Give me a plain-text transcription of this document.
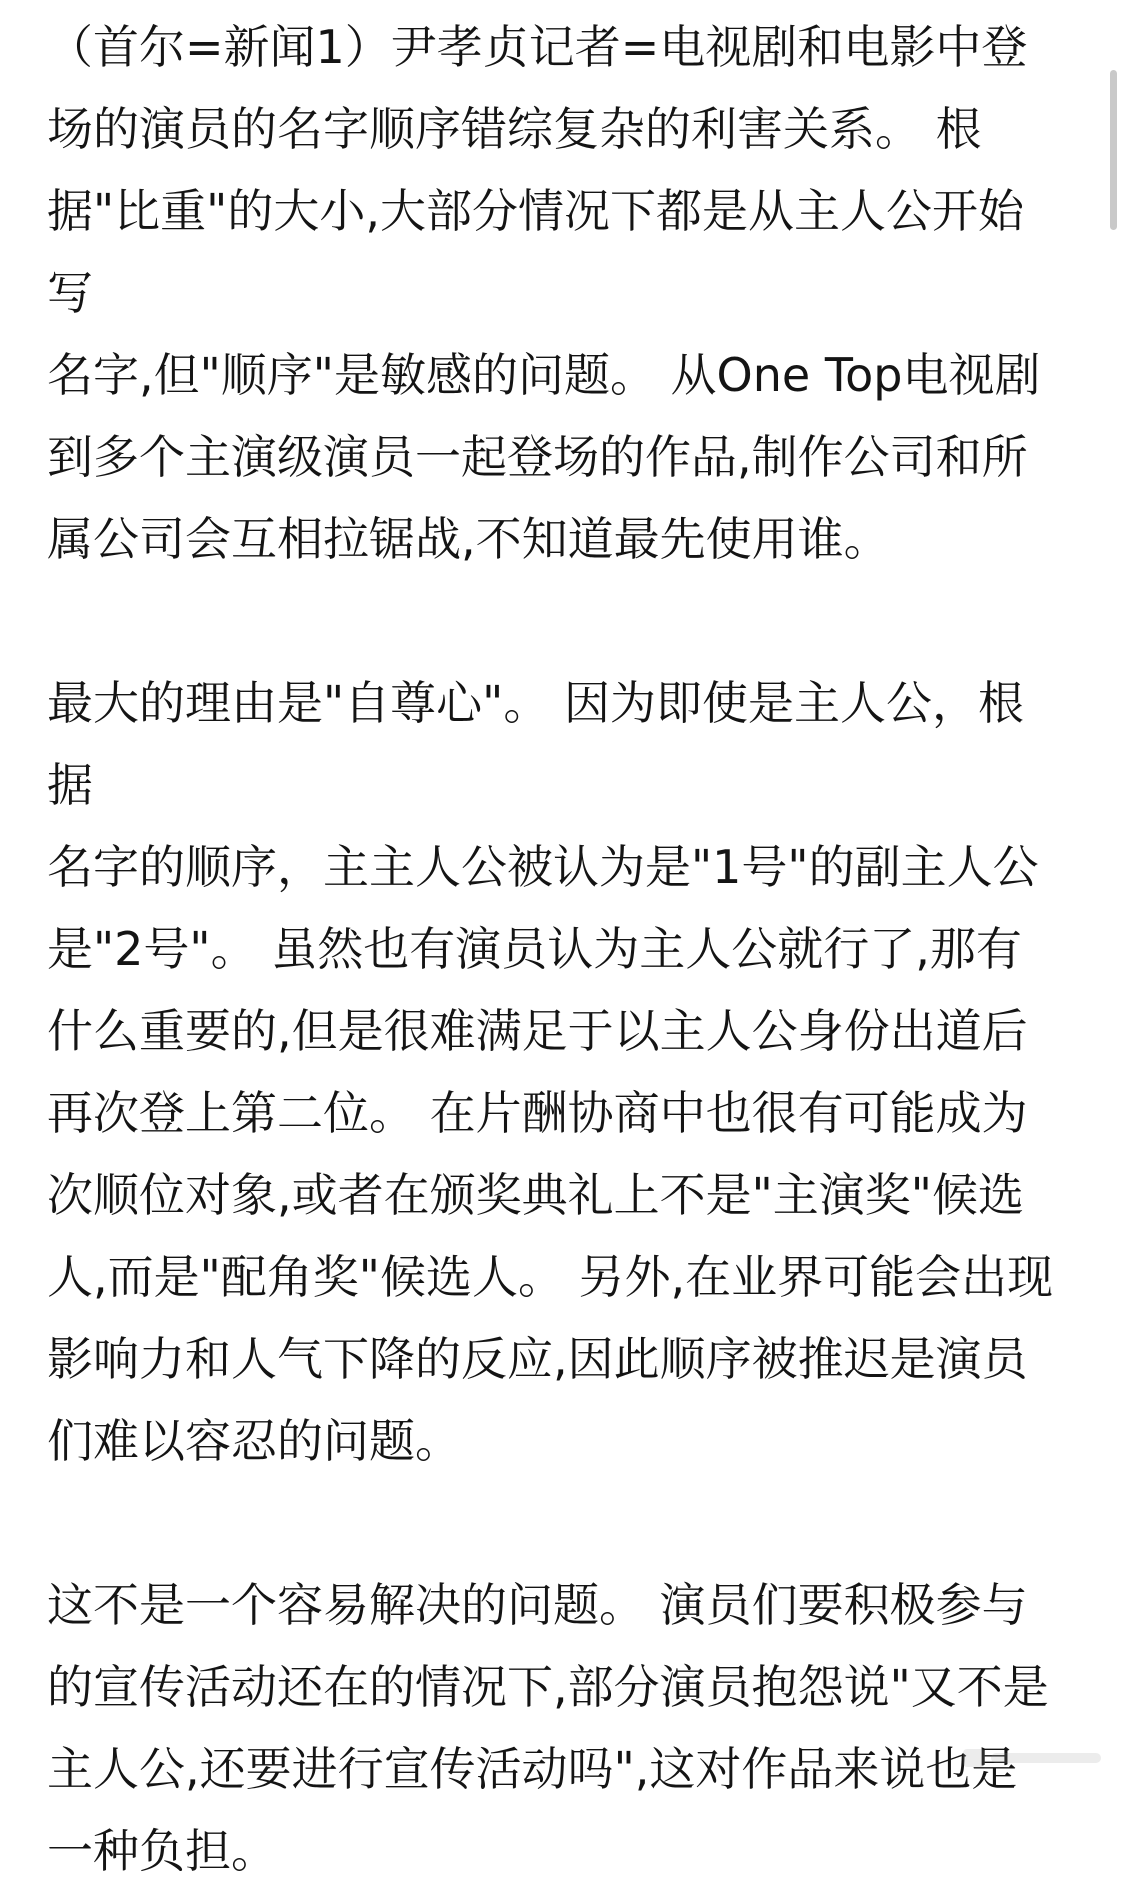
（首尔=新闻1）尹孝贞记者=电视剧和电影中登
场的演员的名字顺序错综复杂的利害关系。 根
据"比重"的大小,大部分情况下都是从主人公开始写
名字,但"顺序"是敏感的问题。 从One Top电视剧
到多个主演级演员一起登场的作品,制作公司和所
属公司会互相拉锯战,不知道最先使用谁。

最大的理由是"自尊心"。 因为即使是主人公，根据
名字的顺序，主主人公被认为是"1号"的副主人公
是"2号"。 虽然也有演员认为主人公就行了,那有
什么重要的,但是很难满足于以主人公身份出道后
再次登上第二位。 在片酬协商中也很有可能成为
次顺位对象,或者在颁奖典礼上不是"主演奖"候选
人,而是"配角奖"候选人。 另外,在业界可能会出现
影响力和人气下降的反应,因此顺序被推迟是演员
们难以容忍的问题。

这不是一个容易解决的问题。 演员们要积极参与
的宣传活动还在的情况下,部分演员抱怨说"又不是
主人公,还要进行宣传活动吗",这对作品来说也是
一种负担。
